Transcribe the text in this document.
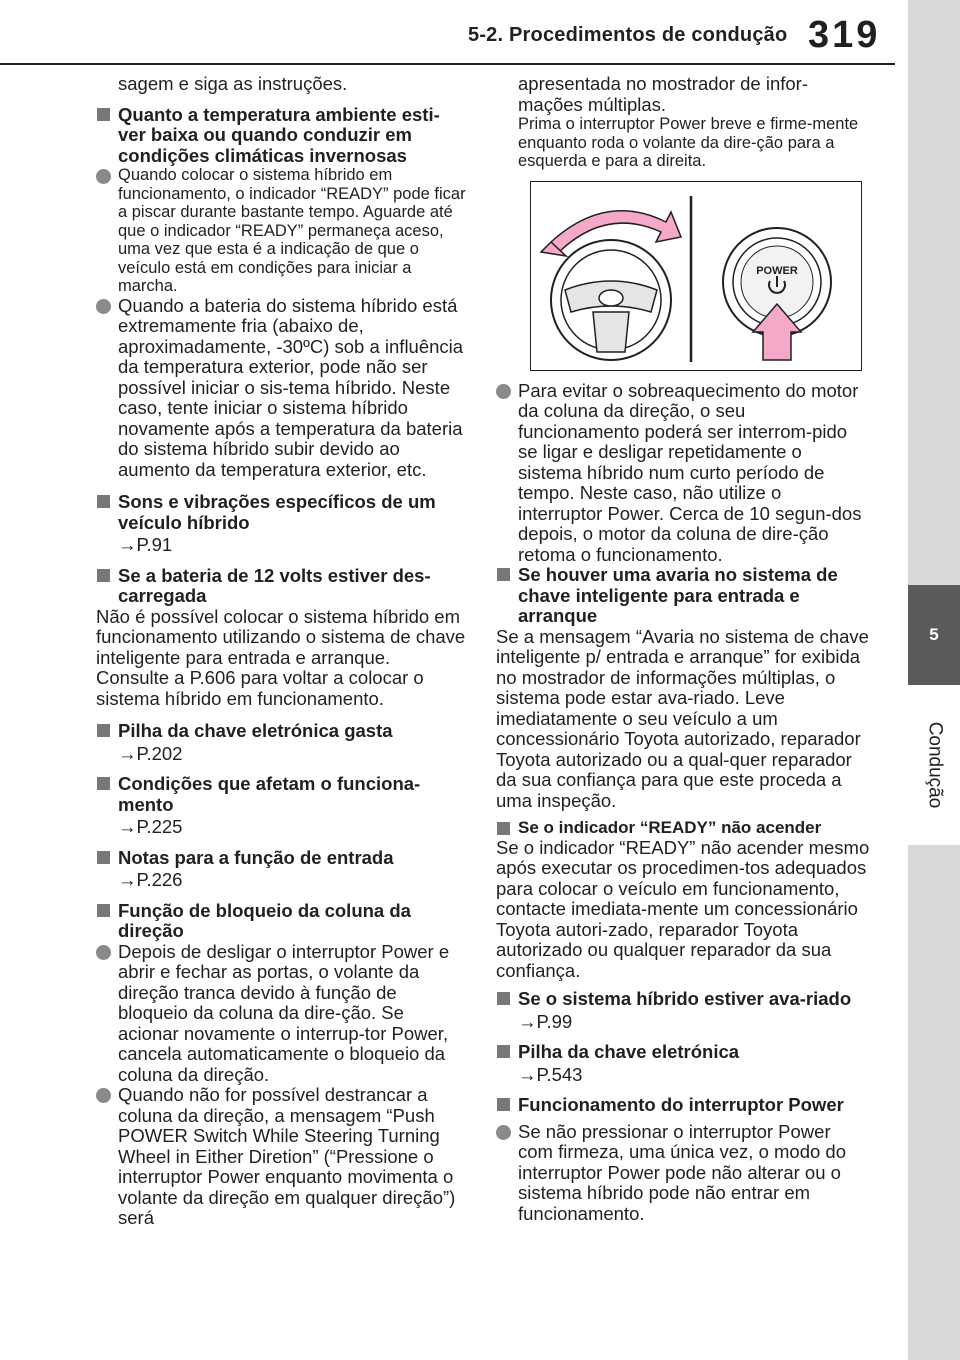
5-2. Procedimentos de condução 319
5
Condução

sagem e siga as instruções.

Quanto a temperatura ambiente esti-ver baixa ou quando conduzir em condições climáticas invernosas
Quando colocar o sistema híbrido em funcionamento, o indicador “READY” pode ficar a piscar durante bastante tempo. Aguarde até que o indicador “READY” permaneça aceso, uma vez que esta é a indicação de que o veículo está em condições para iniciar a marcha.
Quando a bateria do sistema híbrido está extremamente fria (abaixo de, aproximadamente, -30ºC) sob a influência da temperatura exterior, pode não ser possível iniciar o sis-tema híbrido. Neste caso, tente iniciar o sistema híbrido novamente após a temperatura da bateria do sistema híbrido subir devido ao aumento da temperatura exterior, etc.
Sons e vibrações específicos de um veículo híbrido
→P.91
Se a bateria de 12 volts estiver des-carregada

Não é possível colocar o sistema híbrido em funcionamento utilizando o sistema de chave inteligente para entrada e arranque. Consulte a P.606 para voltar a colocar o sistema híbrido em funcionamento.

Pilha da chave eletrónica gasta
→P.202
Condições que afetam o funciona-mento
→P.225
Notas para a função de entrada
→P.226
Função de bloqueio da coluna da direção
Depois de desligar o interruptor Power e abrir e fechar as portas, o volante da direção tranca devido à função de bloqueio da coluna da dire-ção. Se acionar novamente o interrup-tor Power, cancela automaticamente o bloqueio da coluna da direção.
Quando não for possível destrancar a coluna da direção, a mensagem “Push POWER Switch While Steering Turning Wheel in Either Diretion” (“Pressione o interruptor Power enquanto movimenta o volante da direção em qualquer direção”) será

apresentada no mostrador de infor-mações múltiplas.

Prima o interruptor Power breve e firme-mente enquanto roda o volante da dire-ção para a esquerda e para a direita.

POWER
Para evitar o sobreaquecimento do motor da coluna da direção, o seu funcionamento poderá ser interrom-pido se ligar e desligar repetidamente o sistema híbrido num curto período de tempo. Neste caso, não utilize o interruptor Power. Cerca de 10 segun-dos depois, o motor da coluna de dire-ção retoma o funcionamento.
Se houver uma avaria no sistema de chave inteligente para entrada e arranque

Se a mensagem “Avaria no sistema de chave inteligente p/ entrada e arranque” for exibida no mostrador de informações múltiplas, o sistema pode estar ava-riado. Leve imediatamente o seu veículo a um concessionário Toyota autorizado, reparador Toyota autorizado ou a qual-quer reparador da sua confiança para que este proceda a uma inspeção.

Se o indicador “READY” não acender

Se o indicador “READY” não acender mesmo após executar os procedimen-tos adequados para colocar o veículo em funcionamento, contacte imediata-mente um concessionário Toyota autori-zado, reparador Toyota autorizado ou qualquer reparador da sua confiança.

Se o sistema híbrido estiver ava-riado
→P.99
Pilha da chave eletrónica
→P.543
Funcionamento do interruptor Power
Se não pressionar o interruptor Power com firmeza, uma única vez, o modo do interruptor Power pode não alterar ou o sistema híbrido pode não entrar em funcionamento.
